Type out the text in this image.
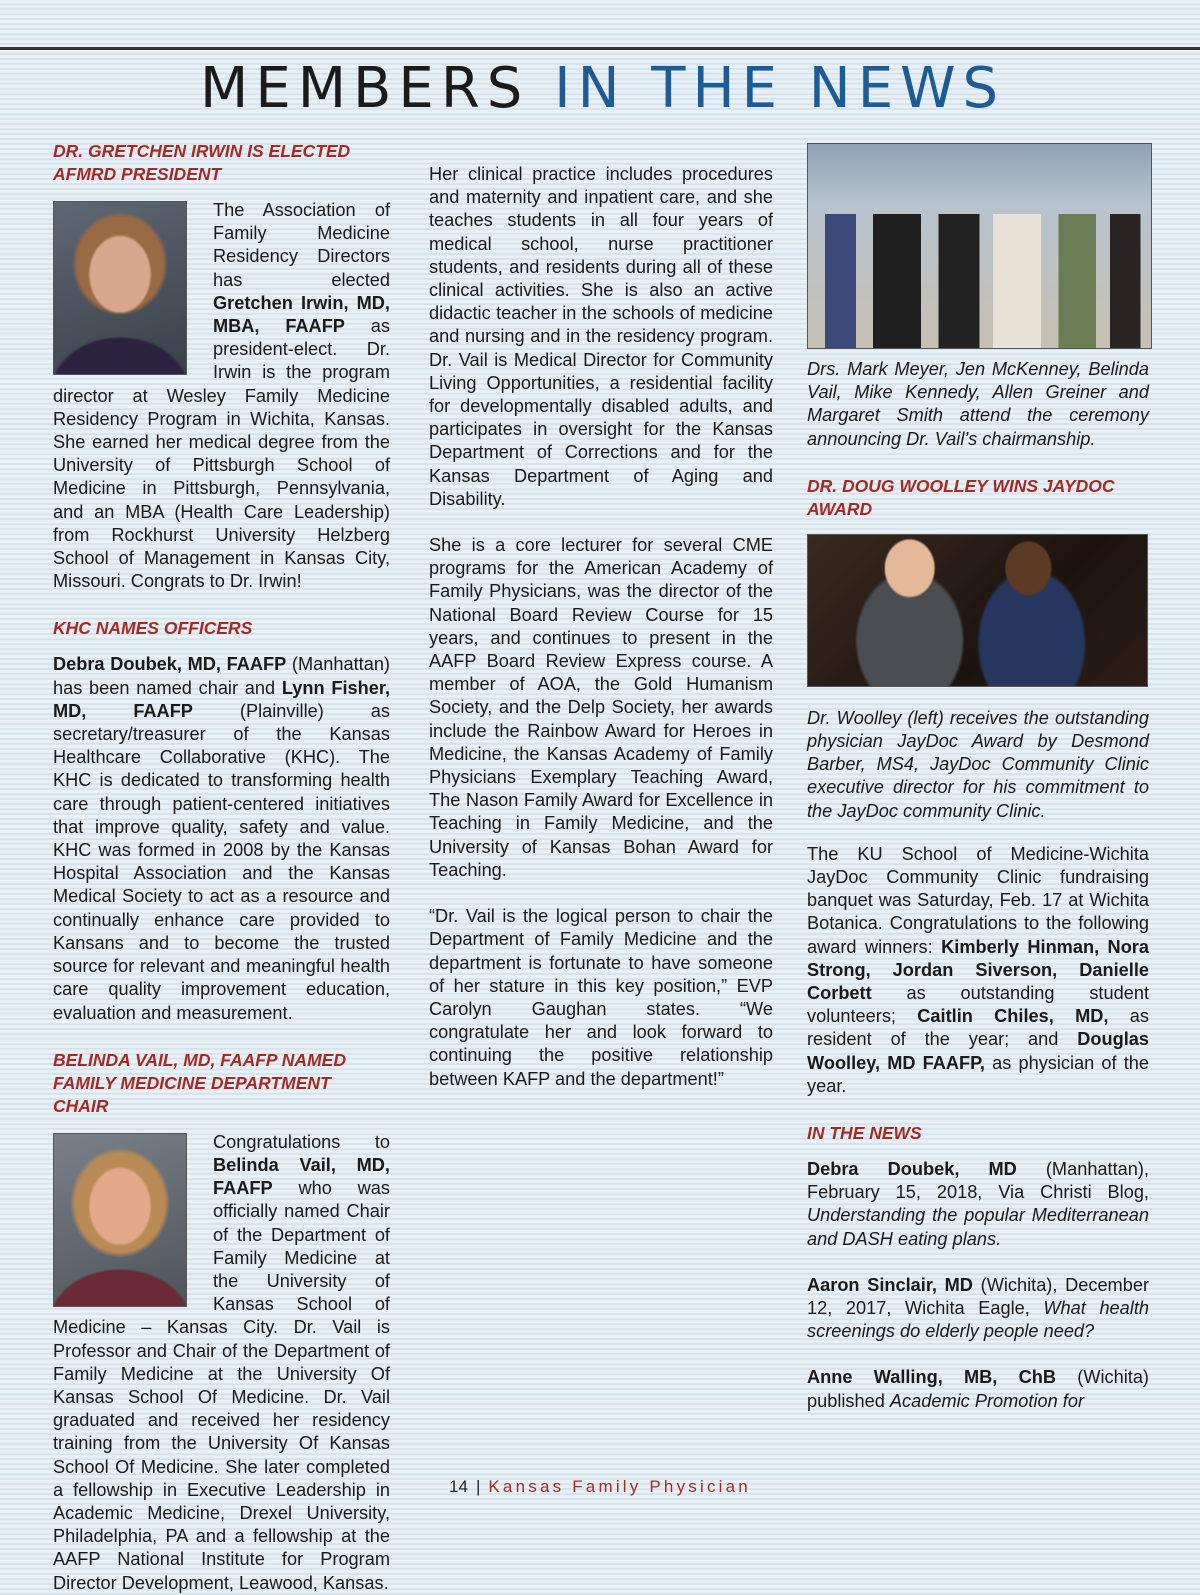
MEMBERS IN THE NEWS
DR. GRETCHEN IRWIN IS ELECTED AFMRD PRESIDENT

The Association of Family Medicine Residency Directors has elected Gretchen Irwin, MD, MBA, FAAFP as president-elect. Dr. Irwin is the program director at Wesley Family Medicine Residency Program in Wichita, Kansas. She earned her medical degree from the University of Pittsburgh School of Medicine in Pittsburgh, Pennsylvania, and an MBA (Health Care Leadership) from Rockhurst University Helzberg School of Management in Kansas City, Missouri. Congrats to Dr. Irwin!

KHC NAMES OFFICERS

Debra Doubek, MD, FAAFP (Manhattan) has been named chair and Lynn Fisher, MD, FAAFP (Plainville) as secretary/treasurer of the Kansas Healthcare Collaborative (KHC). The KHC is dedicated to transforming health care through patient-centered initiatives that improve quality, safety and value. KHC was formed in 2008 by the Kansas Hospital Association and the Kansas Medical Society to act as a resource and continually enhance care provided to Kansans and to become the trusted source for relevant and meaningful health care quality improvement education, evaluation and measurement.

BELINDA VAIL, MD, FAAFP NAMED FAMILY MEDICINE DEPARTMENT CHAIR

Congratulations to Belinda Vail, MD, FAAFP who was officially named Chair of the Department of Family Medicine at the University of Kansas School of Medicine – Kansas City. Dr. Vail is Professor and Chair of the Department of Family Medicine at the University Of Kansas School Of Medicine. Dr. Vail graduated and received her residency training from the University Of Kansas School Of Medicine. She later completed a fellowship in Executive Leadership in Academic Medicine, Drexel University, Philadelphia, PA and a fellowship at the AAFP National Institute for Program Director Development, Leawood, Kansas.

Her clinical practice includes procedures and maternity and inpatient care, and she teaches students in all four years of medical school, nurse practitioner students, and residents during all of these clinical activities. She is also an active didactic teacher in the schools of medicine and nursing and in the residency program. Dr. Vail is Medical Director for Community Living Opportunities, a residential facility for developmentally disabled adults, and participates in oversight for the Kansas Department of Corrections and for the Kansas Department of Aging and Disability.

She is a core lecturer for several CME programs for the American Academy of Family Physicians, was the director of the National Board Review Course for 15 years, and continues to present in the AAFP Board Review Express course. A member of AOA, the Gold Humanism Society, and the Delp Society, her awards include the Rainbow Award for Heroes in Medicine, the Kansas Academy of Family Physicians Exemplary Teaching Award, The Nason Family Award for Excellence in Teaching in Family Medicine, and the University of Kansas Bohan Award for Teaching.

“Dr. Vail is the logical person to chair the Department of Family Medicine and the department is fortunate to have someone of her stature in this key position,” EVP Carolyn Gaughan states. “We congratulate her and look forward to continuing the positive relationship between KAFP and the department!”

Drs. Mark Meyer, Jen McKenney, Belinda Vail, Mike Kennedy, Allen Greiner and Margaret Smith attend the ceremony announcing Dr. Vail’s chairmanship.

DR. DOUG WOOLLEY WINS JAYDOC AWARD

Dr. Woolley (left) receives the outstanding physician JayDoc Award by Desmond Barber, MS4, JayDoc Community Clinic executive director for his commitment to the JayDoc community Clinic.

The KU School of Medicine-Wichita JayDoc Community Clinic fundraising banquet was Saturday, Feb. 17 at Wichita Botanica. Congratulations to the following award winners: Kimberly Hinman, Nora Strong, Jordan Siverson, Danielle Corbett as outstanding student volunteers; Caitlin Chiles, MD, as resident of the year; and Douglas Woolley, MD FAAFP, as physician of the year.

IN THE NEWS

Debra Doubek, MD (Manhattan), February 15, 2018, Via Christi Blog, Understanding the popular Mediterranean and DASH eating plans.

Aaron Sinclair, MD (Wichita), December 12, 2017, Wichita Eagle, What health screenings do elderly people need?

Anne Walling, MB, ChB (Wichita) published Academic Promotion for

14 | Kansas Family Physician
